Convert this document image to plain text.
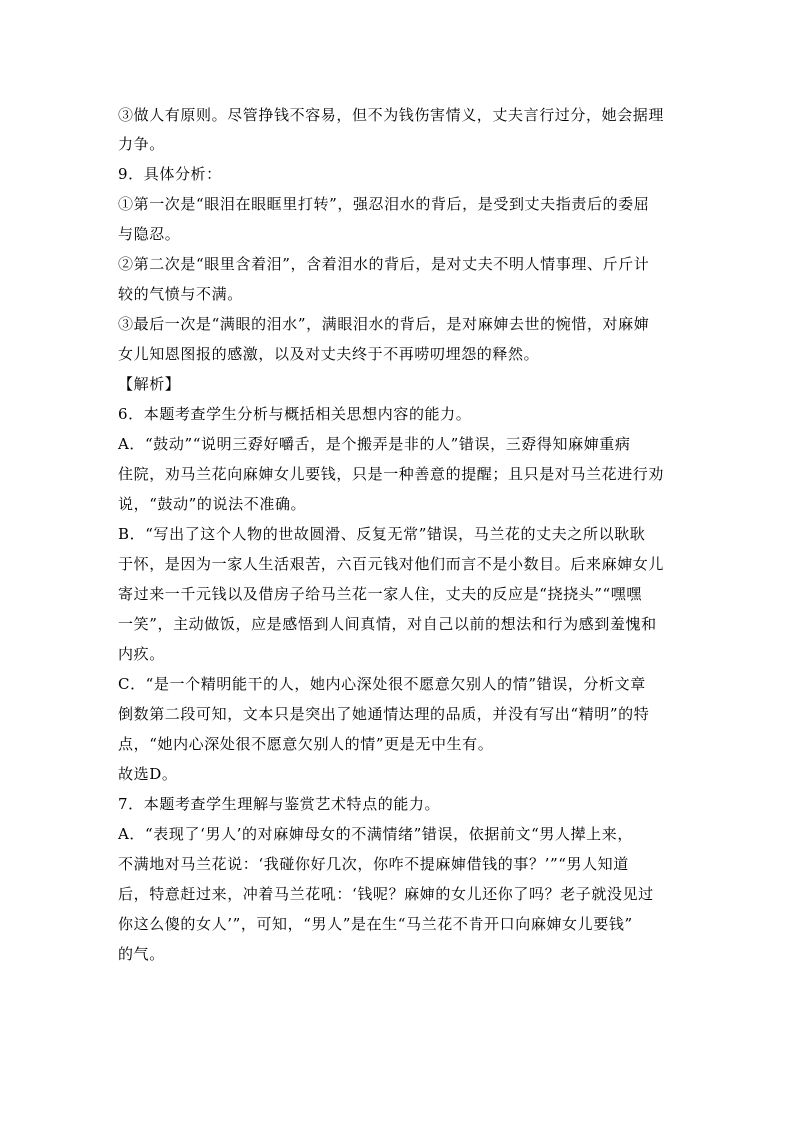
③做人有原则。尽管挣钱不容易，但不为钱伤害情义，丈夫言行过分，她会据理
力争。
9．具体分析：
①第一次是“眼泪在眼眶里打转”，强忍泪水的背后，是受到丈夫指责后的委屈
与隐忍。
②第二次是“眼里含着泪”，含着泪水的背后，是对丈夫不明人情事理、斤斤计
较的气愤与不满。
③最后一次是“满眼的泪水”，满眼泪水的背后，是对麻婶去世的惋惜，对麻婶
女儿知恩图报的感激，以及对丈夫终于不再唠叨埋怨的释然。
【解析】
6．本题考查学生分析与概括相关思想内容的能力。
A．“鼓动”“说明三孬好嚼舌，是个搬弄是非的人”错误，三孬得知麻婶重病
住院，劝马兰花向麻婶女儿要钱，只是一种善意的提醒；且只是对马兰花进行劝
说，“鼓动”的说法不准确。
B．“写出了这个人物的世故圆滑、反复无常”错误，马兰花的丈夫之所以耿耿
于怀，是因为一家人生活艰苦，六百元钱对他们而言不是小数目。后来麻婶女儿
寄过来一千元钱以及借房子给马兰花一家人住，丈夫的反应是“挠挠头”“嘿嘿
一笑”，主动做饭，应是感悟到人间真情，对自己以前的想法和行为感到羞愧和
内疚。
C．“是一个精明能干的人，她内心深处很不愿意欠别人的情”错误，分析文章
倒数第二段可知，文本只是突出了她通情达理的品质，并没有写出“精明”的特
点，“她内心深处很不愿意欠别人的情”更是无中生有。
故选D。
7．本题考查学生理解与鉴赏艺术特点的能力。
A．“表现了‘男人’的对麻婶母女的不满情绪”错误，依据前文“男人撵上来，
不满地对马兰花说：‘我碰你好几次，你咋不提麻婶借钱的事？’”“男人知道
后，特意赶过来，冲着马兰花吼：‘钱呢？麻婶的女儿还你了吗？老子就没见过
你这么傻的女人’”，可知，“男人”是在生“马兰花不肯开口向麻婶女儿要钱”
的气。
